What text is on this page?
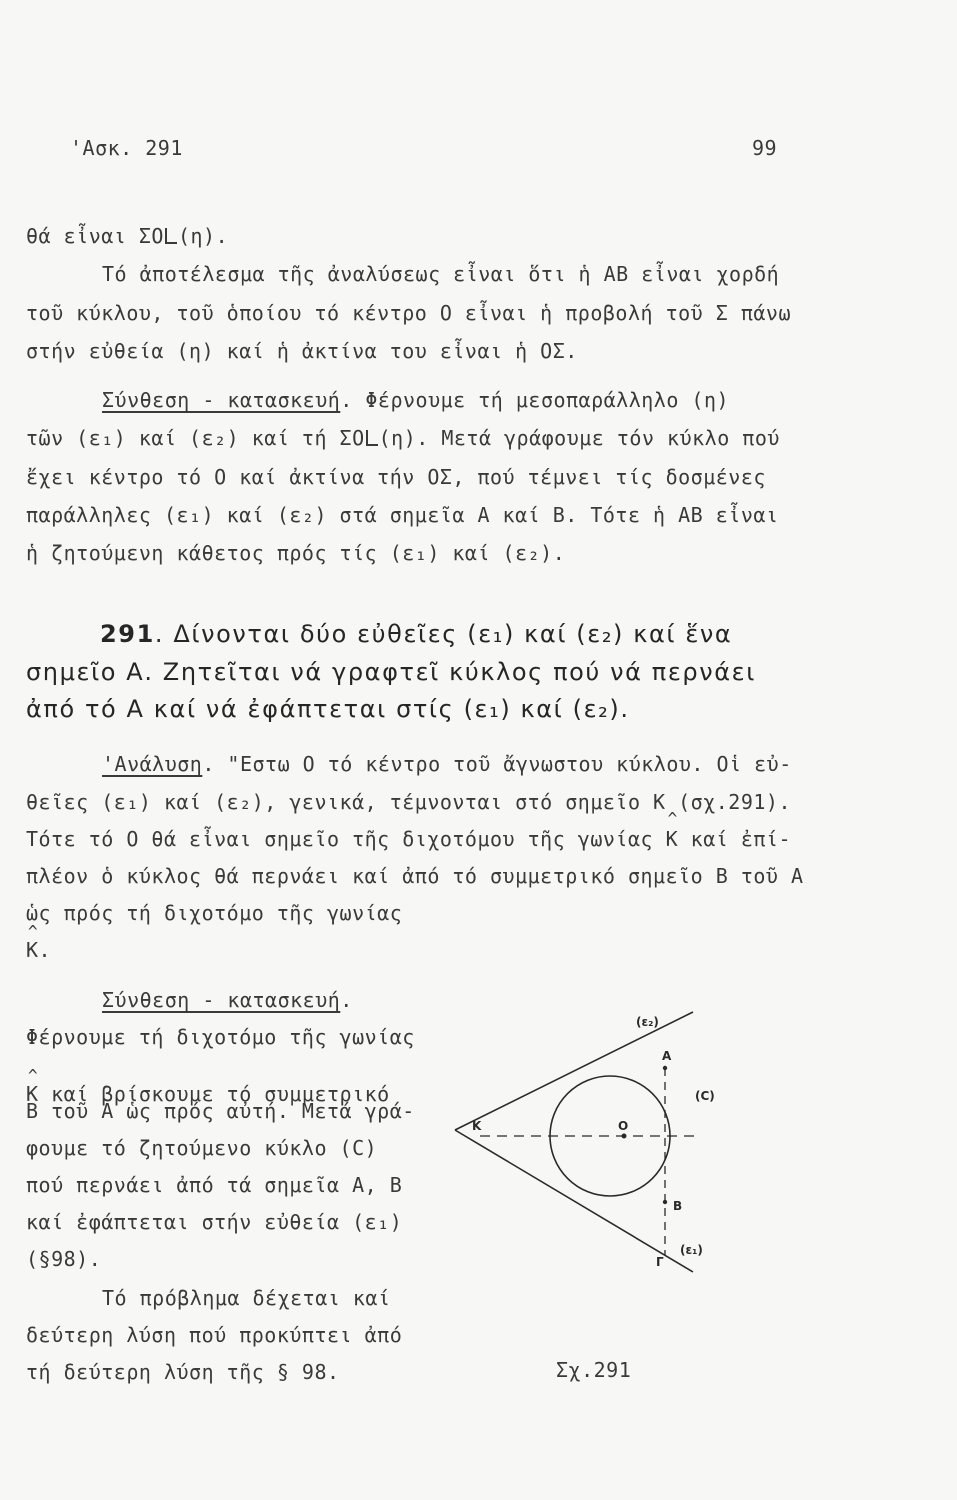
'Ασκ. 291	99
θά εἶναι ΣΟ (η).
Τό ἀποτέλεσμα τῆς ἀναλύσεως εἶναι ὅτι ἡ ΑΒ εἶναι χορδή
τοῦ κύκλου, τοῦ ὁποίου τό κέντρο Ο εἶναι ἡ προβολή τοῦ Σ πάνω
στήν εὐθεία (η) καί ἡ ἀκτίνα του εἶναι ἡ ΟΣ.
Σύνθεση - κατασκευή. Φέρνουμε τή μεσοπαράλληλο (η)
τῶν (ε₁) καί (ε₂) καί τή ΣΟ (η). Μετά γράφουμε τόν κύκλο πού
ἔχει κέντρο τό Ο καί ἀκτίνα τήν ΟΣ, πού τέμνει τίς δοσμένες
παράλληλες (ε₁) καί (ε₂) στά σημεῖα Α καί Β. Τότε ἡ ΑΒ εἶναι
ἡ ζητούμενη κάθετος πρός τίς (ε₁) καί (ε₂).
291. Δίνονται δύο εὐθεῖες (ε₁) καί (ε₂) καί ἕνα
σημεῖο Α. Ζητεῖται νά γραφτεῖ κύκλος πού νά περνάει
ἀπό τό Α καί νά ἐφάπτεται στίς (ε₁) καί (ε₂).
'Ανάλυση. "Εστω Ο τό κέντρο τοῦ ἄγνωστου κύκλου. Οἱ εὐ-
θεῖες (ε₁) καί (ε₂), γενικά, τέμνονται στό σημεῖο Κ (σχ.291).
Τότε τό Ο θά εἶναι σημεῖο τῆς διχοτόμου τῆς γωνίας ^ Κ καί ἐπί-
πλέον ὁ κύκλος θά περνάει καί ἀπό τό συμμετρικό σημεῖο Β τοῦ Α
ὡς πρός τή διχοτόμο τῆς γωνίας
^ Κ.
Σύνθεση - κατασκευή.
Φέρνουμε τή διχοτόμο τῆς γωνίας
^ Κ καί βρίσκουμε τό συμμετρικό
Β τοῦ Α ὡς πρός αὐτή. Μετά γρά-
φουμε τό ζητούμενο κύκλο (C)
πού περνάει ἀπό τά σημεῖα Α, Β
καί ἐφάπτεται στήν εὐθεία (ε₁)
(§98).
Τό πρόβλημα δέχεται καί
δεύτερη λύση πού προκύπτει ἀπό
τή δεύτερη λύση τῆς § 98.
(ε₂)
Α
(C)
Κ	Ο
Β
Γ
(ε₁)
Σχ.291
